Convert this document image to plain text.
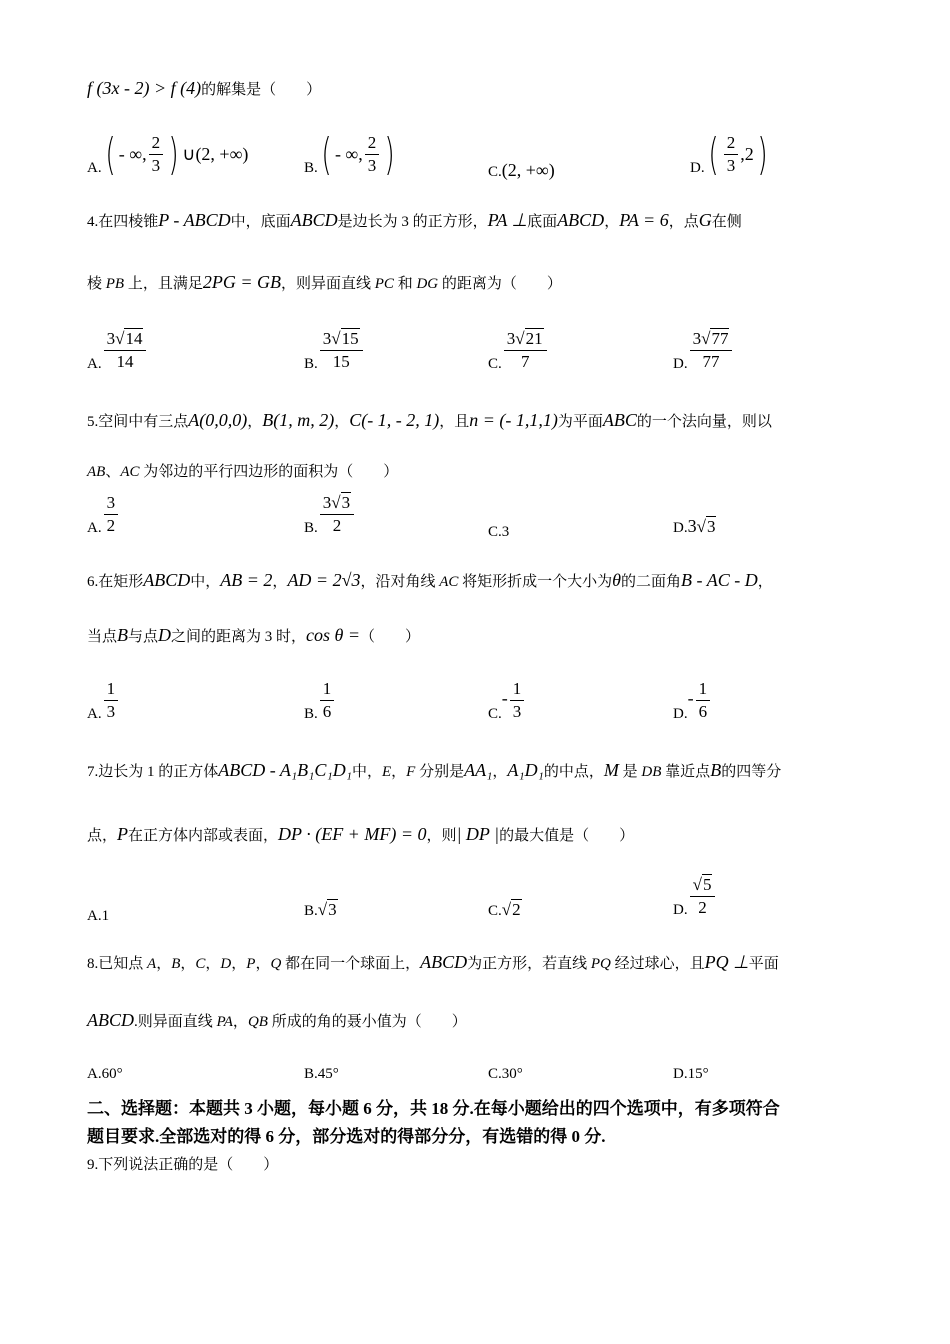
f (3x - 2) > f (4)的解集是（　　）
A. ( - ∞, $\frac{2}{3}$ ) ∪(2, +∞)
B. ( - ∞, $\frac{2}{3}$ )	C.(2, +∞)	D. ( $\frac{2}{3} ,2$ )
4.在四棱锥P - ABCD中，底面ABCD是边长为 3 的正方形，PA ⊥底面ABCD，PA = 6，点G在侧
棱 PB 上，且满足2PG = GB，则异面直线 PC 和 DG 的距离为（　　）
A. $\frac{3√14}{14}$	B. $\frac{3√15}{15}$	C. $\frac{3√21}{7}$	D. $\frac{3√77}{77}$
5.空间中有三点A(0,0,0)，B(1, m, 2)，C(- 1, - 2, 1)，且n = (- 1,1,1)为平面ABC的一个法向量，则以
AB、AC 为邻边的平行四边形的面积为（　　）
A. $\frac{3}{2}$	B. $\frac{3√3}{2}$	C.3	D.3√3
6.在矩形ABCD中，AB = 2，AD = 2√3，沿对角线 AC 将矩形折成一个大小为θ的二面角B - AC - D，
当点B与点D之间的距离为 3 时，cos θ =（　　）
A. $\frac{1}{3}$	B. $\frac{1}{6}$	$C.- \frac{1}{3}$	$D.- \frac{1}{6}$
7.边长为 1 的正方体ABCD - A₁B₁C₁D₁中，E，F 分别是AA₁，A₁D₁的中点，M 是 DB 靠近点B的四等分
点，P在正方体内部或表面，DP · (EF + MF) = 0，则| DP |的最大值是（　　）
A.1	B.√3	C.√2	D. $\frac{√5}{2}$
8.已知点 A，B，C，D，P，Q 都在同一个球面上，ABCD为正方形，若直线 PQ 经过球心，且PQ ⊥平面
ABCD.则异面直线 PA，QB 所成的角的聂小值为（　　）
A.60°	B.45°	C.30°	D.15°
二、选择题：本题共 3 小题，每小题 6 分，共 18 分.在每小题给出的四个选项中，有多项符合
题目要求.全部选对的得 6 分，部分选对的得部分分，有选错的得 0 分.
9.下列说法正确的是（　　）
